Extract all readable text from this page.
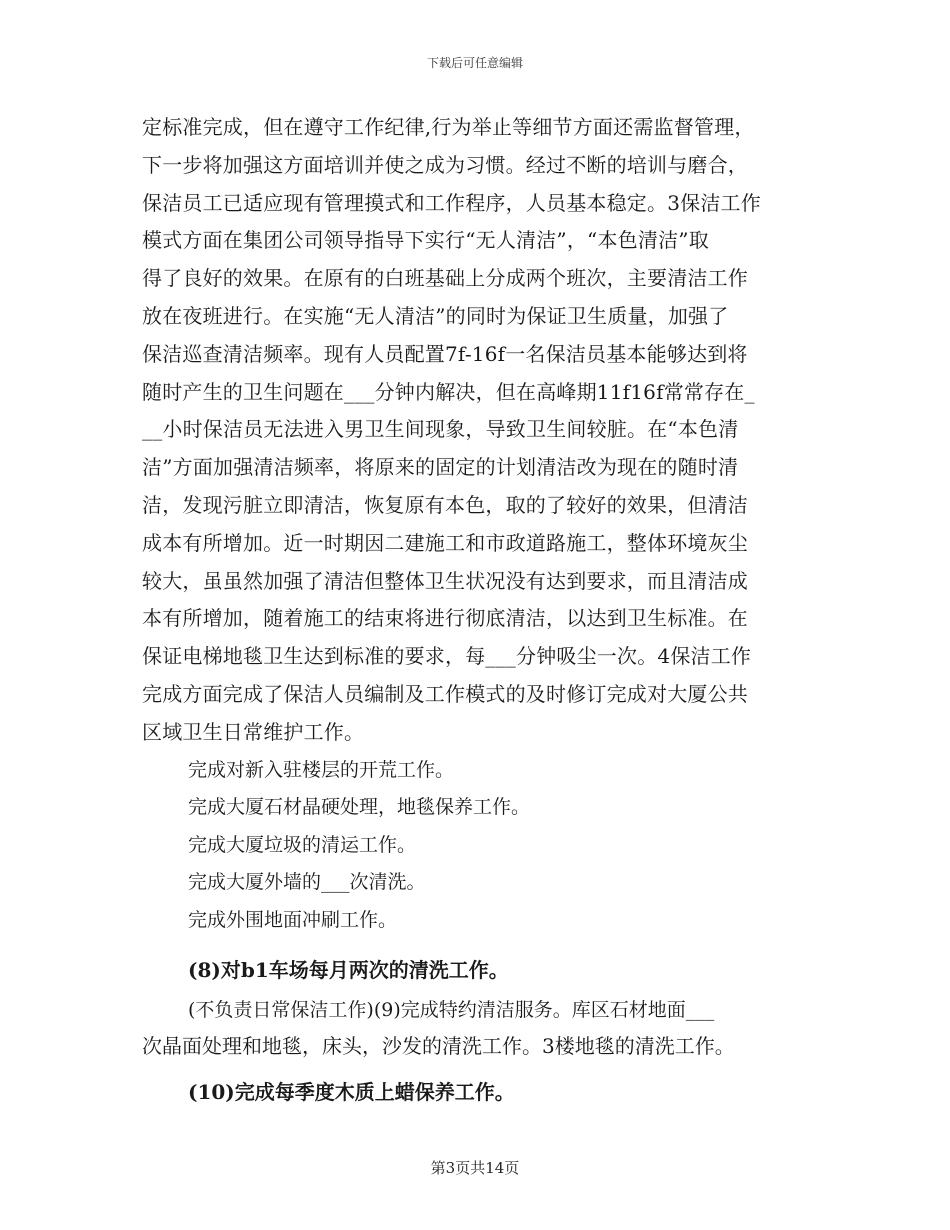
下载后可任意编辑
定标准完成，但在遵守工作纪律,行为举止等细节方面还需监督管理，
下一步将加强这方面培训并使之成为习惯。经过不断的培训与磨合，
保洁员工已适应现有管理摸式和工作程序，人员基本稳定。3保洁工作
模式方面在集团公司领导指导下实行“无人清洁”，“本色清洁”取
得了良好的效果。在原有的白班基础上分成两个班次，主要清洁工作
放在夜班进行。在实施“无人清洁”的同时为保证卫生质量，加强了
保洁巡查清洁频率。现有人员配置7f-16f一名保洁员基本能够达到将
随时产生的卫生问题在___分钟内解决，但在高峰期11f16f常常存在_
__小时保洁员无法进入男卫生间现象，导致卫生间较脏。在“本色清
洁”方面加强清洁频率，将原来的固定的计划清洁改为现在的随时清
洁，发现污脏立即清洁，恢复原有本色，取的了较好的效果，但清洁
成本有所增加。近一时期因二建施工和市政道路施工，整体环境灰尘
较大，虽虽然加强了清洁但整体卫生状况没有达到要求，而且清洁成
本有所增加，随着施工的结束将进行彻底清洁，以达到卫生标准。在
保证电梯地毯卫生达到标准的要求，每___分钟吸尘一次。4保洁工作
完成方面完成了保洁人员编制及工作模式的及时修订完成对大厦公共
区域卫生日常维护工作。
完成对新入驻楼层的开荒工作。
完成大厦石材晶硬处理，地毯保养工作。
完成大厦垃圾的清运工作。
完成大厦外墙的___次清洗。
完成外围地面冲刷工作。
(8)对b1车场每月两次的清洗工作。
(不负责日常保洁工作)(9)完成特约清洁服务。库区石材地面___
次晶面处理和地毯，床头，沙发的清洗工作。3楼地毯的清洗工作。
(10)完成每季度木质上蜡保养工作。
第3页共14页
